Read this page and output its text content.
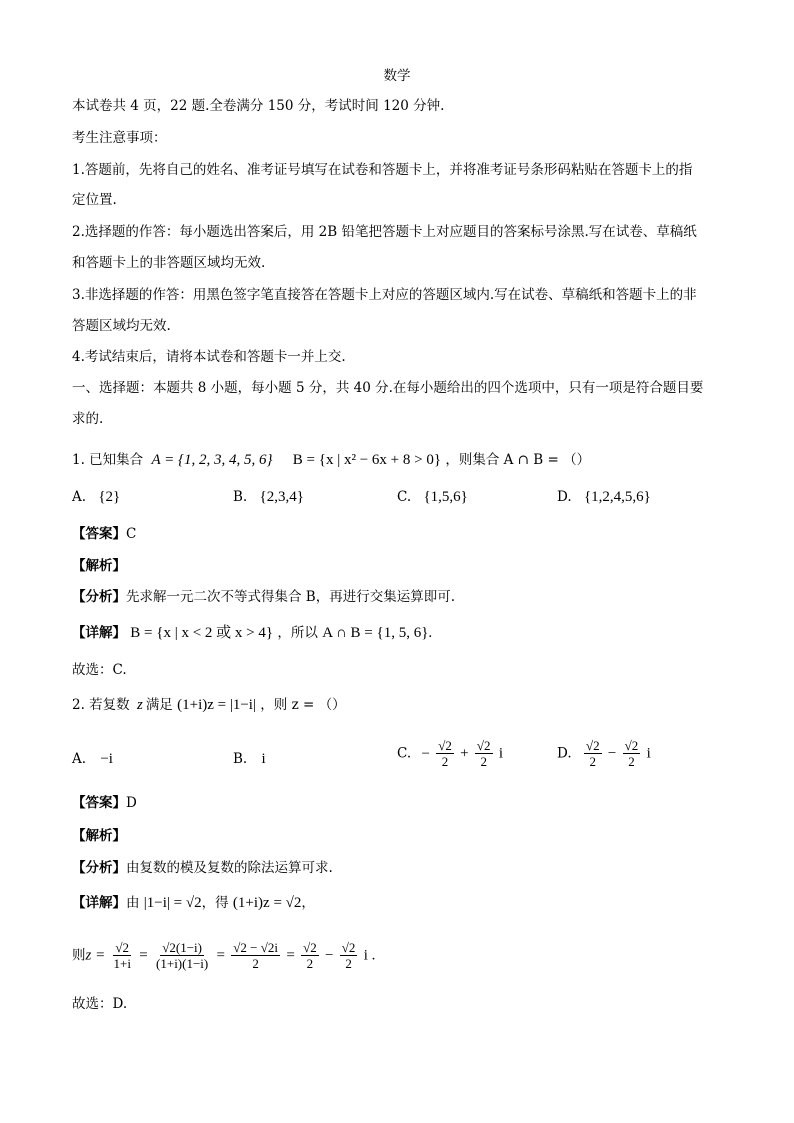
数学
本试卷共 4 页，22 题.全卷满分 150 分，考试时间 120 分钟.
考生注意事项：
1.答题前，先将自己的姓名、准考证号填写在试卷和答题卡上，并将准考证号条形码粘贴在答题卡上的指
定位置.
2.选择题的作答：每小题选出答案后，用 2B 铅笔把答题卡上对应题目的答案标号涂黑.写在试卷、草稿纸
和答题卡上的非答题区域均无效.
3.非选择题的作答：用黑色签字笔直接答在答题卡上对应的答题区域内.写在试卷、草稿纸和答题卡上的非
答题区域均无效.
4.考试结束后，请将本试卷和答题卡一并上交.
一、选择题：本题共 8 小题，每小题 5 分，共 40 分.在每小题给出的四个选项中，只有一项是符合题目要
求的.
1. 已知集合 A = {1, 2, 3, 4, 5, 6} B = {x | x² − 6x + 8 > 0} ，则集合 A ∩ B = （）
A. {2}	B. {2,3,4}	C. {1,5,6}	D. {1,2,4,5,6}
【答案】C
【解析】
【分析】先求解一元二次不等式得集合 B，再进行交集运算即可.
【详解】 B = {x | x < 2 或 x > 4} ，所以 A ∩ B = {1, 5, 6}.
故选：C.
2. 若复数 z 满足 (1+i)z = |1−i| ，则 z = （）
A. −i	B. i	C. − $\frac{√2}{2} + \frac{√2}{2}$ i	D. $\frac{√2}{2} - \frac{√2}{2}$ i
【答案】D
【解析】
【分析】由复数的模及复数的除法运算可求.
【详解】由 |1−i| = √2，得 (1+i)z = √2，
则$z = \frac{√2}{1+i} = \frac{√2(1-i)}{(1+i)(1-i)} = \frac{√2 - √2i}{2} = \frac{√2}{2} - \frac{√2}{2}$ i .
故选：D.
